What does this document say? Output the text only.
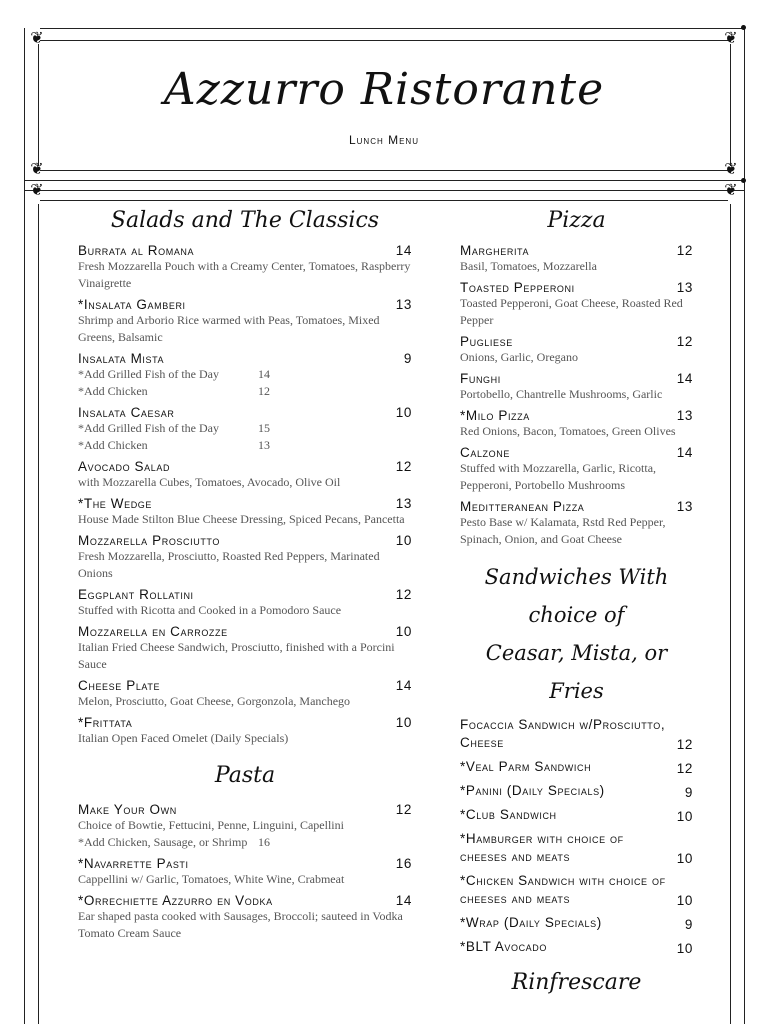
❦	❦
❦	❦
❦	❦
Azzurro Ristorante
Lunch Menu
Salads and The Classics
Burrata al Romana	14
Fresh Mozzarella Pouch with a Creamy Center, Tomatoes, Raspberry Vinaigrette
*Insalata Gamberi	13
Shrimp and Arborio Rice warmed with Peas, Tomatoes, Mixed Greens, Balsamic
Insalata Mista	9
*Add Grilled Fish of the Day	14
*Add Chicken	12
Insalata Caesar	10
*Add Grilled Fish of the Day	15
*Add Chicken	13
Avocado Salad	12
with Mozzarella Cubes, Tomatoes, Avocado, Olive Oil
*The Wedge	13
House Made Stilton Blue Cheese Dressing, Spiced Pecans, Pancetta
Mozzarella Prosciutto	10
Fresh Mozzarella, Prosciutto, Roasted Red Peppers, Marinated Onions
Eggplant Rollatini	12
Stuffed with Ricotta and Cooked in a Pomodoro Sauce
Mozzarella en Carrozze	10
Italian Fried Cheese Sandwich, Prosciutto, finished with a Porcini Sauce
Cheese Plate	14
Melon, Prosciutto, Goat Cheese, Gorgonzola, Manchego
*Frittata	10
Italian Open Faced Omelet (Daily Specials)
Pasta
Make Your Own	12
Choice of Bowtie, Fettucini, Penne, Linguini, Capellini
*Add Chicken, Sausage, or Shrimp 16
*Navarrette Pasti	16
Cappellini w/ Garlic, Tomatoes, White Wine, Crabmeat
*Orrechiette Azzurro en Vodka	14
Ear shaped pasta cooked with Sausages, Broccoli; sauteed in Vodka Tomato Cream Sauce
Pizza
Margherita	12
Basil, Tomatoes, Mozzarella
Toasted Pepperoni	13
Toasted Pepperoni, Goat Cheese, Roasted Red Pepper
Pugliese	12
Onions, Garlic, Oregano
Funghi	14
Portobello, Chantrelle Mushrooms, Garlic
*Milo Pizza	13
Red Onions, Bacon, Tomatoes, Green Olives
Calzone	14
Stuffed with Mozzarella, Garlic, Ricotta, Pepperoni, Portobello Mushrooms
Meditteranean Pizza	13
Pesto Base w/ Kalamata, Rstd Red Pepper, Spinach, Onion, and Goat Cheese
Sandwiches With choice of
Ceasar, Mista, or Fries
Focaccia Sandwich w/Prosciutto, Cheese	12
*Veal Parm Sandwich	12
*Panini (Daily Specials)	9
*Club Sandwich	10
*Hamburger with choice of cheeses and meats	10
*Chicken Sandwich with choice of cheeses and meats	10
*Wrap (Daily Specials)	9
*BLT Avocado	10
Rinfrescare
